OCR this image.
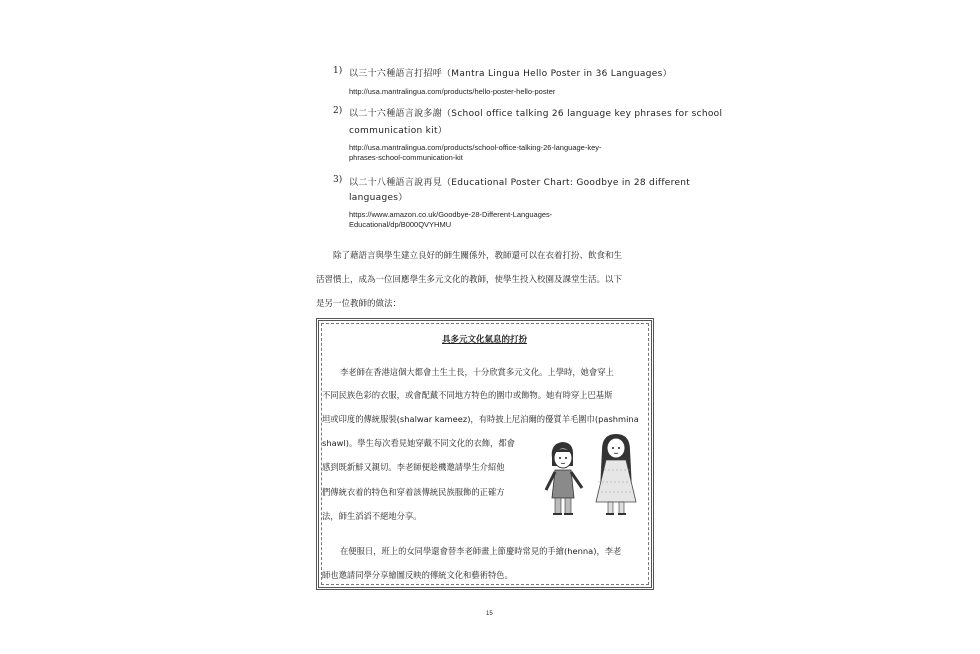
1) 以三十六種語言打招呼（Mantra Lingua Hello Poster in 36 Languages）
http://usa.mantralingua.com/products/hello-poster-hello-poster
2) 以二十六種語言說多謝（School office talking 26 language key phrases for school
communication kit）
http://usa.mantralingua.com/products/school-office-talking-26-language-key-
phrases-school-communication-kit
3) 以二十八種語言說再見（Educational Poster Chart: Goodbye in 28 different
languages）
https://www.amazon.co.uk/Goodbye-28-Different-Languages-
Educational/dp/B000QVYHMU
除了藉語言與學生建立良好的師生關係外，教師還可以在衣着打扮、飲食和生
活習慣上，成為一位回應學生多元文化的教師，使學生投入校園及課堂生活。以下
是另一位教師的做法：
具多元文化氣息的打扮
李老師在香港這個大都會土生土長，十分欣賞多元文化。上學時，她會穿上
不同民族色彩的衣服，或會配戴不同地方特色的圍巾或飾物。她有時穿上巴基斯
坦或印度的傳統服裝(shalwar kameez)，有時披上尼泊爾的優質羊毛圍巾(pashmina
shawl)。學生每次看見她穿戴不同文化的衣飾，都會
感到既新鮮又親切。李老師便趁機邀請學生介紹他
們傳統衣着的特色和穿着該傳統民族服飾的正確方
法，師生滔滔不絕地分享。
在便服日，班上的女同學還會替李老師畫上節慶時常見的手繪(henna)，李老
師也邀請同學分享繪圖反映的傳統文化和藝術特色。
15
